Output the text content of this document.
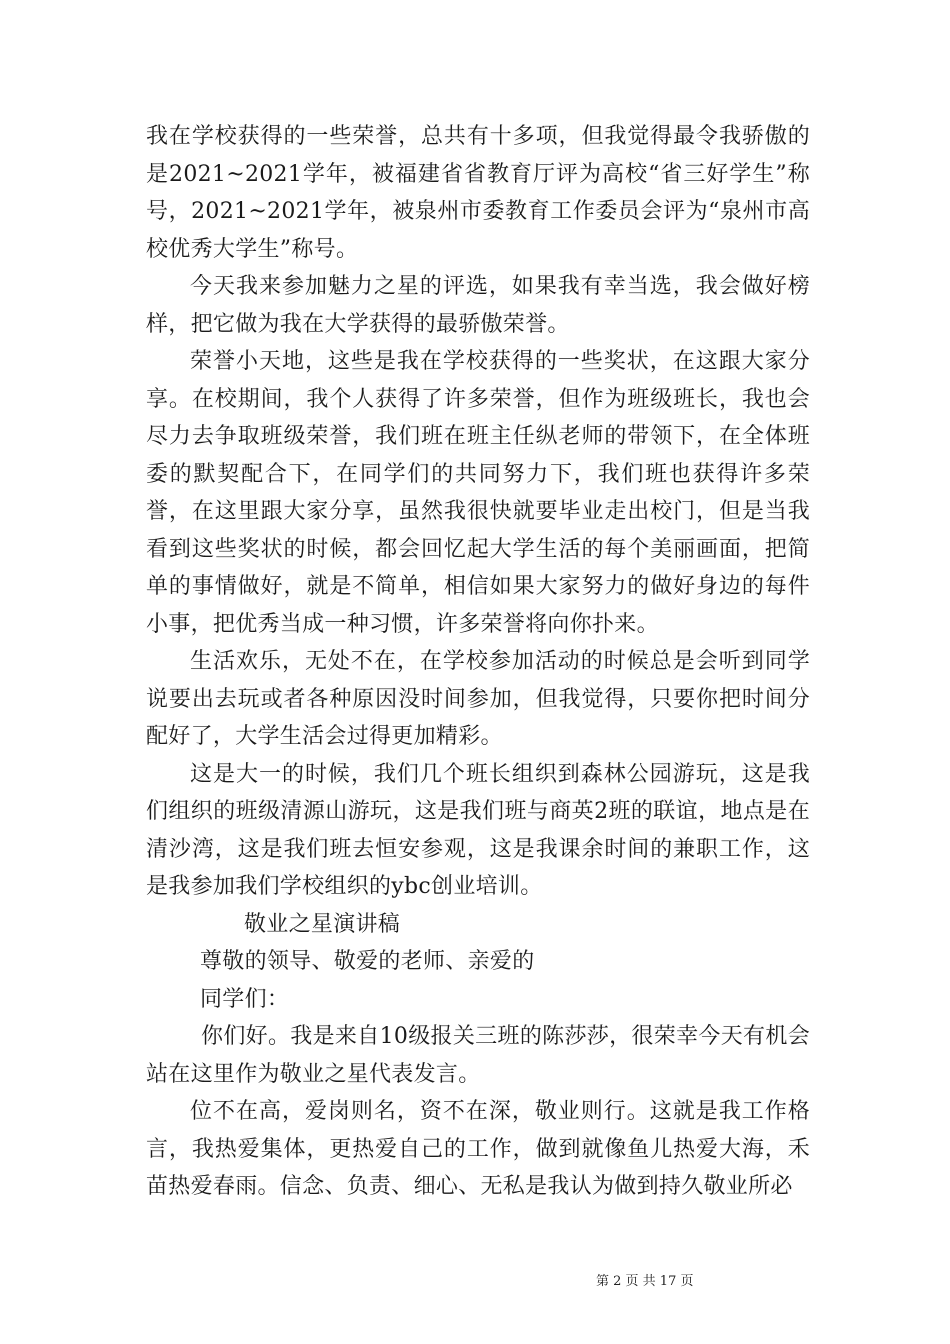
我在学校获得的一些荣誉，总共有十多项，但我觉得最令我骄傲的是2021~2021学年，被福建省省教育厅评为高校“省三好学生”称号，2021~2021学年，被泉州市委教育工作委员会评为“泉州市高校优秀大学生”称号。

今天我来参加魅力之星的评选，如果我有幸当选，我会做好榜样，把它做为我在大学获得的最骄傲荣誉。

荣誉小天地，这些是我在学校获得的一些奖状，在这跟大家分享。在校期间，我个人获得了许多荣誉，但作为班级班长，我也会尽力去争取班级荣誉，我们班在班主任纵老师的带领下，在全体班委的默契配合下，在同学们的共同努力下，我们班也获得许多荣誉，在这里跟大家分享，虽然我很快就要毕业走出校门，但是当我看到这些奖状的时候，都会回忆起大学生活的每个美丽画面，把简单的事情做好，就是不简单，相信如果大家努力的做好身边的每件小事，把优秀当成一种习惯，许多荣誉将向你扑来。

生活欢乐，无处不在，在学校参加活动的时候总是会听到同学说要出去玩或者各种原因没时间参加，但我觉得，只要你把时间分配好了，大学生活会过得更加精彩。

这是大一的时候，我们几个班长组织到森林公园游玩，这是我们组织的班级清源山游玩，这是我们班与商英2班的联谊，地点是在清沙湾，这是我们班去恒安参观，这是我课余时间的兼职工作，这是我参加我们学校组织的ybc创业培训。

敬业之星演讲稿

尊敬的领导、敬爱的老师、亲爱的

同学们：

你们好。我是来自10级报关三班的陈莎莎，很荣幸今天有机会站在这里作为敬业之星代表发言。

位不在高，爱岗则名，资不在深，敬业则行。这就是我工作格言，我热爱集体，更热爱自己的工作，做到就像鱼儿热爱大海，禾苗热爱春雨。信念、负责、细心、无私是我认为做到持久敬业所必

第 2 页 共 17 页
